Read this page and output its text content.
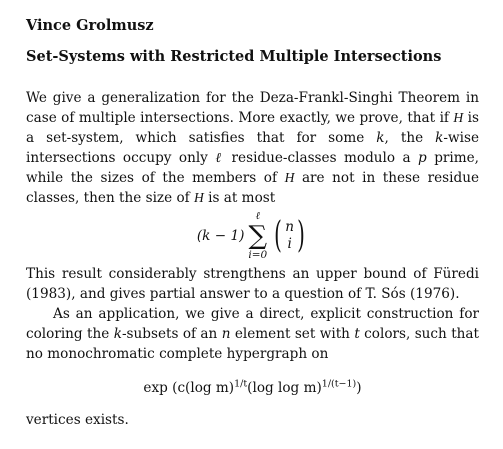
Vince Grolmusz

Set-Systems with Restricted Multiple Intersections

We give a generalization for the Deza-Frankl-Singhi Theorem in case of multiple intersections. More exactly, we prove, that if H is a set-system, which satisfies that for some k, the k-wise intersections occupy only ℓ residue-classes modulo a p prime, while the sizes of the members of H are not in these residue classes, then the size of H is at most

(k − 1)
ℓ
∑
i=0 ( n
i )

This result considerably strengthens an upper bound of Füredi (1983), and gives partial answer to a question of T. Sós (1976).

As an application, we give a direct, explicit construction for coloring the k-subsets of an n element set with t colors, such that no monochromatic complete hypergraph on

exp (c(log m)$^{1/t}$(log log m)$^{1/(t-1)}$)

vertices exists.
